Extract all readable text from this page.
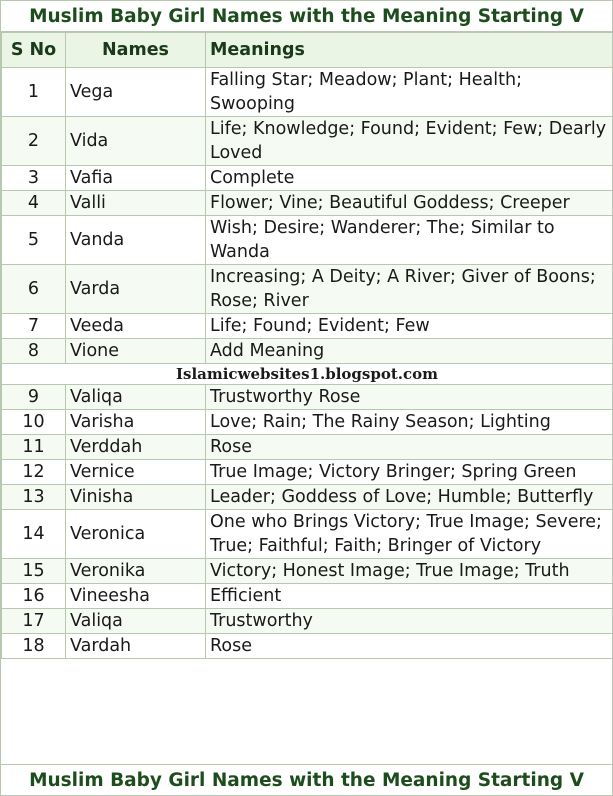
Muslim Baby Girl Names with the Meaning Starting V
S No	Names	Meanings
1	Vega	Falling Star; Meadow; Plant; Health; Swooping
2	Vida	Life; Knowledge; Found; Evident; Few; Dearly Loved
3	Vafia	Complete
4	Valli	Flower; Vine; Beautiful Goddess; Creeper
5	Vanda	Wish; Desire; Wanderer; The; Similar to Wanda
6	Varda	Increasing; A Deity; A River; Giver of Boons; Rose; River
7	Veeda	Life; Found; Evident; Few
8	Vione	Add Meaning
Islamicwebsites1.blogspot.com		
9	Valiqa	Trustworthy Rose
10	Varisha	Love; Rain; The Rainy Season; Lighting
11	Verddah	Rose
12	Vernice	True Image; Victory Bringer; Spring Green
13	Vinisha	Leader; Goddess of Love; Humble; Butterfly
14	Veronica	One who Brings Victory; True Image; Severe; True; Faithful; Faith; Bringer of Victory
15	Veronika	Victory; Honest Image; True Image; Truth
16	Vineesha	Efficient
17	Valiqa	Trustworthy
18	Vardah	Rose
Muslim Baby Girl Names with the Meaning Starting V
